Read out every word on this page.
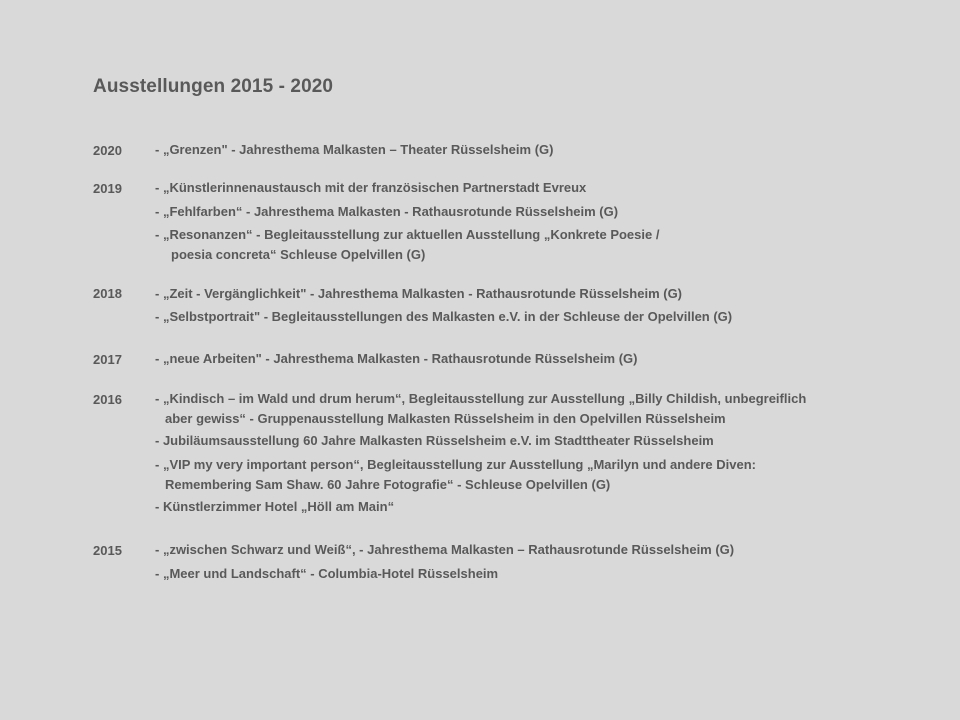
Ausstellungen 2015 - 2020
2020	- „Grenzen" - Jahresthema Malkasten – Theater Rüsselsheim (G)
2019	- „Künstlerinnenaustausch mit der französischen Partnerstadt Evreux
- „Fehlfarben“ - Jahresthema Malkasten - Rathausrotunde Rüsselsheim (G)
- „Resonanzen“ - Begleitausstellung zur aktuellen Ausstellung „Konkrete Poesie /
poesia concreta“ Schleuse Opelvillen (G)
2018	- „Zeit - Vergänglichkeit" - Jahresthema Malkasten - Rathausrotunde Rüsselsheim (G)
- „Selbstportrait" - Begleitausstellungen des Malkasten e.V. in der Schleuse der Opelvillen (G)
2017	- „neue Arbeiten" - Jahresthema Malkasten - Rathausrotunde Rüsselsheim (G)
2016	- „Kindisch – im Wald und drum herum“, Begleitausstellung zur Ausstellung „Billy Childish, unbegreiflich
aber gewiss“ - Gruppenausstellung Malkasten Rüsselsheim in den Opelvillen Rüsselsheim
- Jubiläumsausstellung 60 Jahre Malkasten Rüsselsheim e.V. im Stadttheater Rüsselsheim
- „VIP my very important person“, Begleitausstellung zur Ausstellung „Marilyn und andere Diven:
Remembering Sam Shaw. 60 Jahre Fotografie“ - Schleuse Opelvillen (G)
- Künstlerzimmer Hotel „Höll am Main“
2015	- „zwischen Schwarz und Weiß“, - Jahresthema Malkasten – Rathausrotunde Rüsselsheim (G)
- „Meer und Landschaft“ - Columbia-Hotel Rüsselsheim
